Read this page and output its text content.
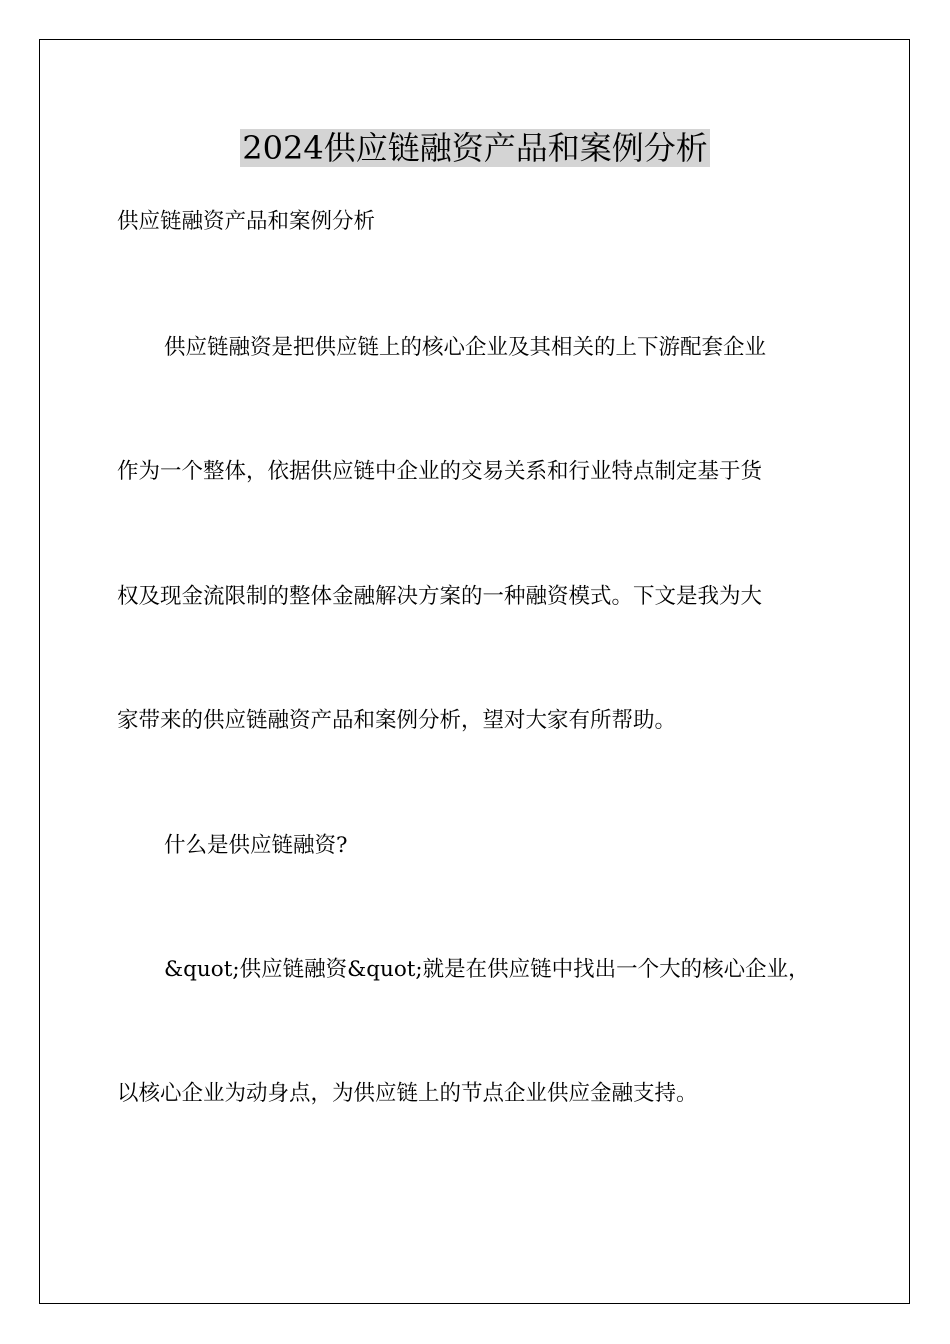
2024供应链融资产品和案例分析

供应链融资产品和案例分析

供应链融资是把供应链上的核心企业及其相关的上下游配套企业

作为一个整体，依据供应链中企业的交易关系和行业特点制定基于货

权及现金流限制的整体金融解决方案的一种融资模式。下文是我为大

家带来的供应链融资产品和案例分析，望对大家有所帮助。

什么是供应链融资?

&quot;供应链融资&quot;就是在供应链中找出一个大的核心企业，

以核心企业为动身点，为供应链上的节点企业供应金融支持。
